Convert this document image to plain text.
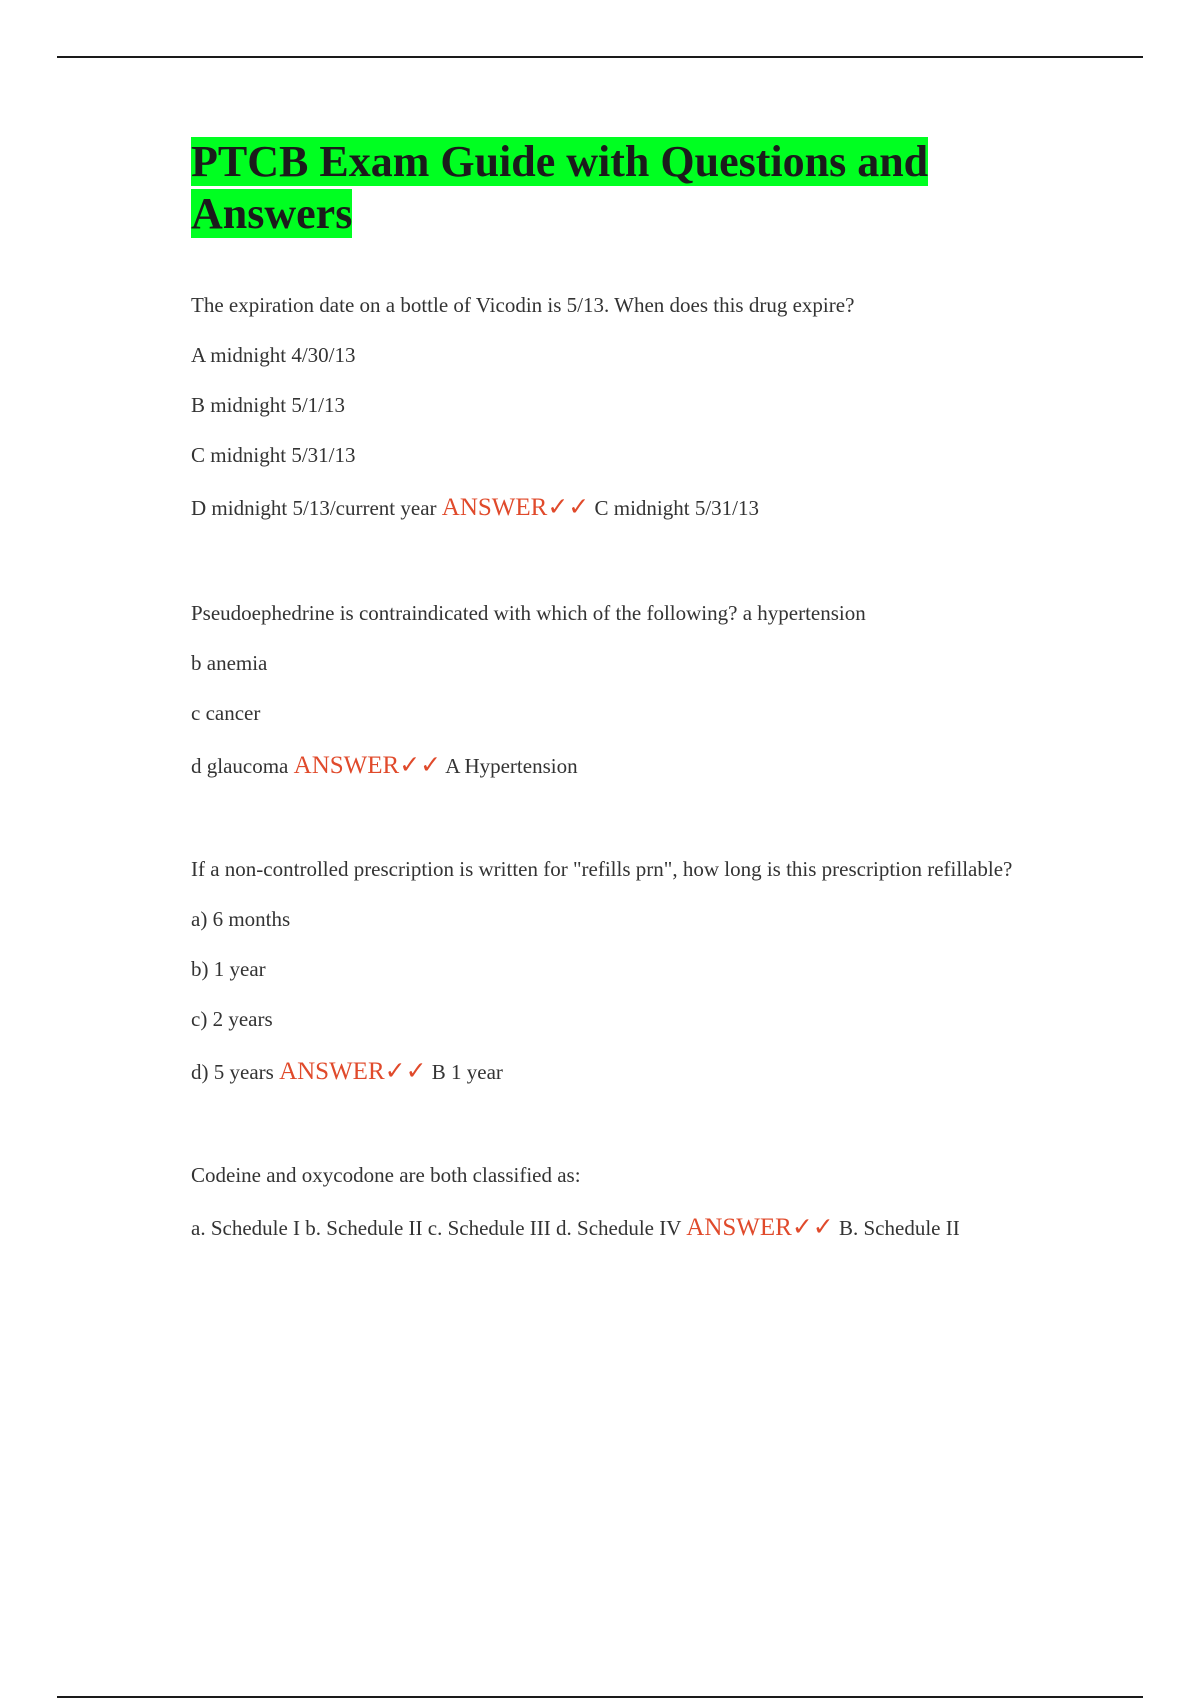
PTCB Exam Guide with Questions and Answers

The expiration date on a bottle of Vicodin is 5/13. When does this drug expire?

A midnight 4/30/13

B midnight 5/1/13

C midnight 5/31/13

D midnight 5/13/current year ANSWER✓✓ C midnight 5/31/13

Pseudoephedrine is contraindicated with which of the following? a hypertension

b anemia

c cancer

d glaucoma ANSWER✓✓ A Hypertension

If a non-controlled prescription is written for "refills prn", how long is this prescription refillable?

a) 6 months

b) 1 year

c) 2 years

d) 5 years ANSWER✓✓ B 1 year

Codeine and oxycodone are both classified as:

a. Schedule I b. Schedule II c. Schedule III d. Schedule IV ANSWER✓✓ B. Schedule II
